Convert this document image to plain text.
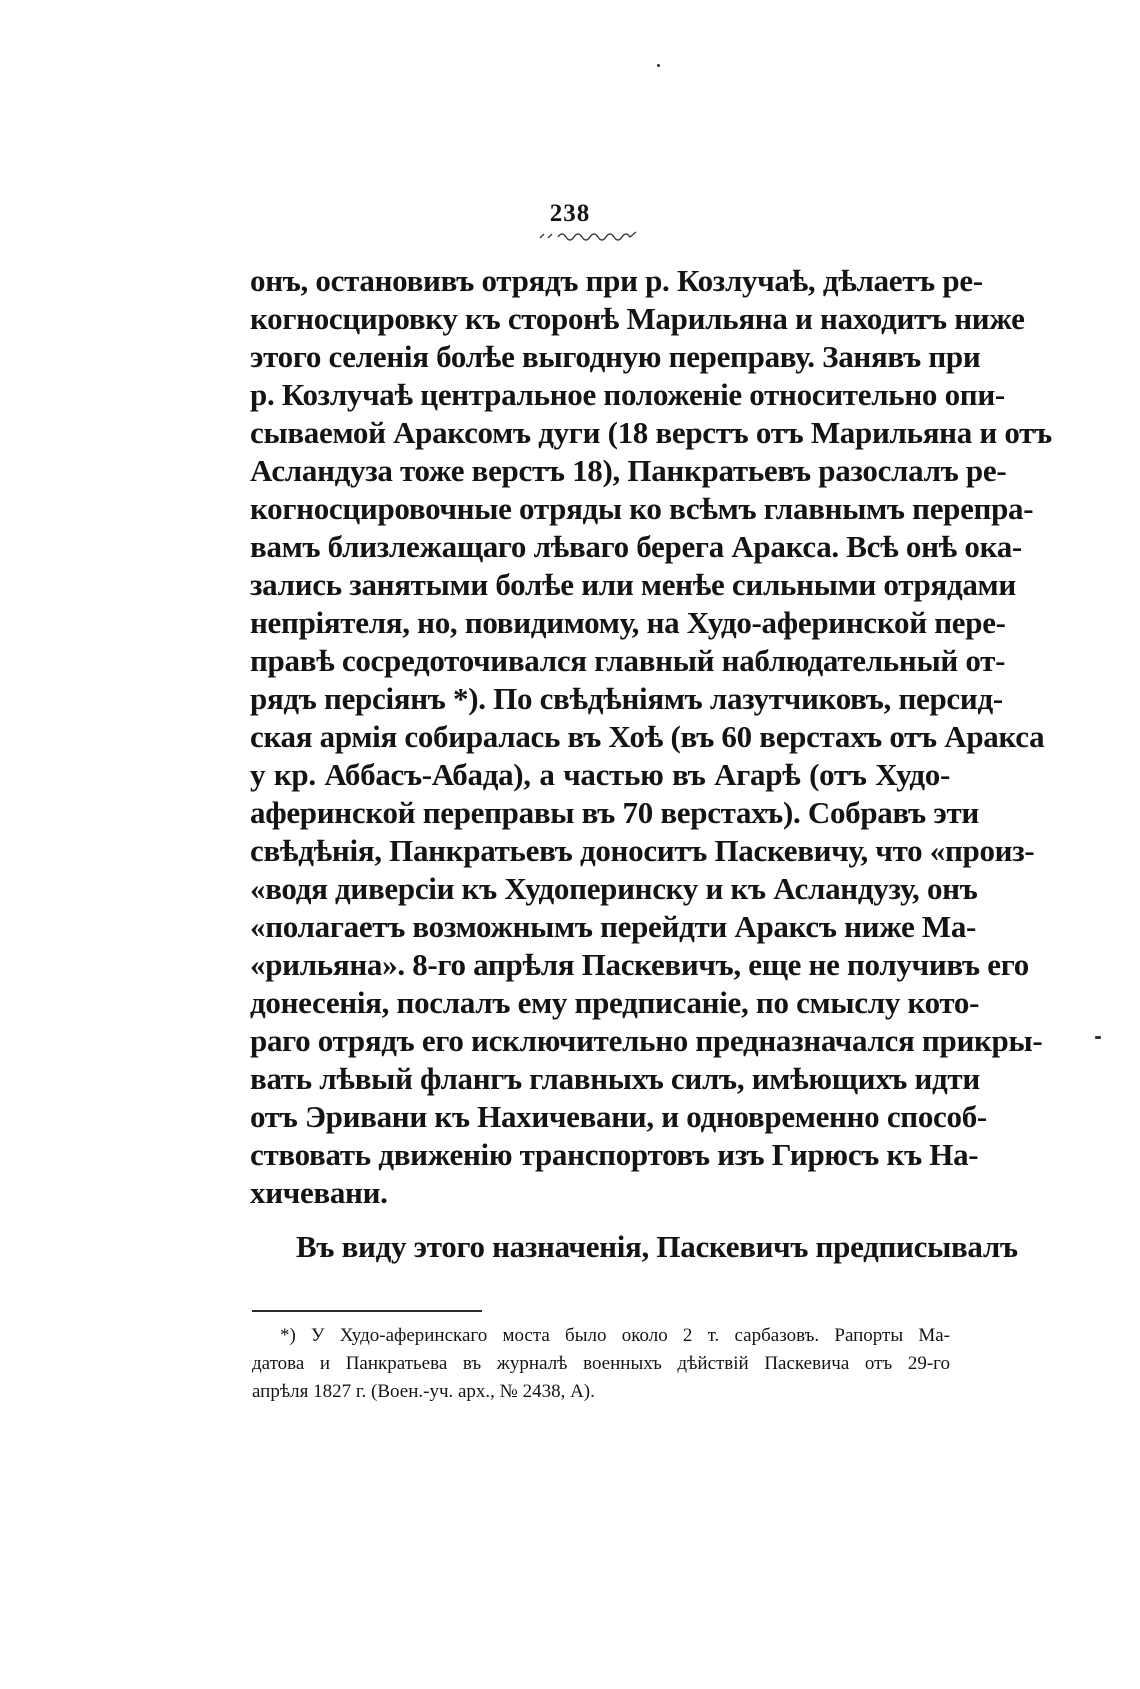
238
онъ, остановивъ отрядъ при р. Козлучаѣ, дѣлаетъ ре-
когносцировку къ сторонѣ Марильяна и находитъ ниже
этого селенія болѣе выгодную переправу. Занявъ при
р. Козлучаѣ центральное положеніе относительно опи-
сываемой Араксомъ дуги (18 верстъ отъ Марильяна и отъ
Асландуза тоже верстъ 18), Панкратьевъ разослалъ ре-
когносцировочные отряды ко всѣмъ главнымъ перепра-
вамъ близлежащаго лѣваго берега Аракса. Всѣ онѣ ока-
зались занятыми болѣе или менѣе сильными отрядами
непріятеля, но, повидимому, на Худо-аферинской пере-
правѣ сосредоточивался главный наблюдательный от-
рядъ персіянъ *). По свѣдѣніямъ лазутчиковъ, персид-
ская армія собиралась въ Хоѣ (въ 60 верстахъ отъ Аракса
у кр. Аббасъ-Абада), а частью въ Агарѣ (отъ Худо-
аферинской переправы въ 70 верстахъ). Собравъ эти
свѣдѣнія, Панкратьевъ доноситъ Паскевичу, что «произ-
«водя диверсіи къ Худоперинску и къ Асландузу, онъ
«полагаетъ возможнымъ перейдти Араксъ ниже Ма-
«рильяна». 8-го апрѣля Паскевичъ, еще не получивъ его
донесенія, послалъ ему предписаніе, по смыслу кото-
раго отрядъ его исключительно предназначался прикры-
вать лѣвый флангъ главныхъ силъ, имѣющихъ идти
отъ Эривани къ Нахичевани, и одновременно способ-
ствовать движенію транспортовъ изъ Гирюсъ къ На-
хичевани.
Въ виду этого назначенія, Паскевичъ предписывалъ
*) У Худо-аферинскаго моста было около 2 т. сарбазовъ. Рапорты Ма-
датова и Панкратьева въ журналѣ военныхъ дѣйствій Паскевича отъ 29-го
апрѣля 1827 г. (Воен.-уч. арх., № 2438, А).
